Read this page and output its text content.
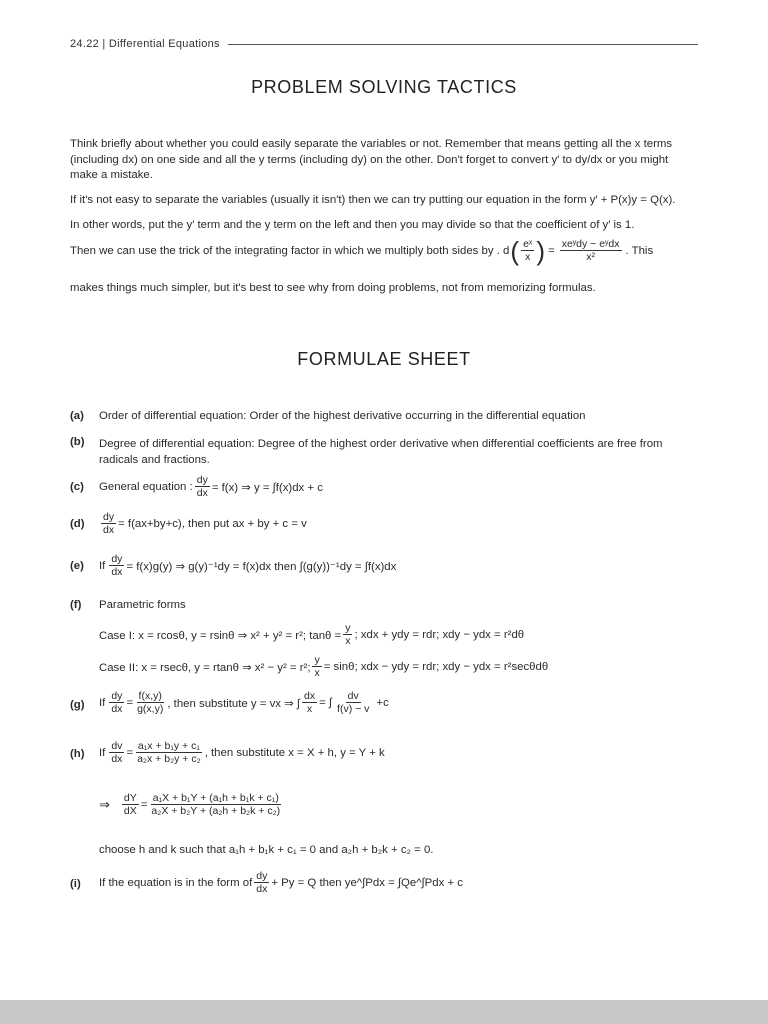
24.22 | Differential Equations
PROBLEM SOLVING TACTICS
Think briefly about whether you could easily separate the variables or not. Remember that means getting all the x terms (including dx) on one side and all the y terms (including dy) on the other. Don't forget to convert y′ to dy/dx or you might make a mistake.
If it's not easy to separate the variables (usually it isn't) then we can try putting our equation in the form y′ + P(x)y = Q(x).
In other words, put the y′ term and the y term on the left and then you may divide so that the coefficient of y′ is 1.
Then we can use the trick of the integrating factor in which we multiply both sides by . d ( $\frac{\text{eˣ}}{x}$ ) = $\frac{\text{xeʸdy − eʸdx}}{\text{x²}}$ . This
makes things much simpler, but it's best to see why from doing problems, not from memorizing formulas.
FORMULAE SHEET
(a)	Order of differential equation: Order of the highest derivative occurring in the differential equation
(b)	Degree of differential equation: Degree of the highest order derivative when differential coefficients are free from radicals and fractions.
(c)	General equation : $\frac{dy}{dx} = f(x)$ ⇒ y = ∫f(x)dx + c
(d)	$\frac{dy}{dx} = f(ax+by+c)$, then put ax + by + c = v
(e)	If $\frac{dy}{dx} = f(x)g(y)$ ⇒ g(y)⁻¹dy = f(x)dx then ∫(g(y))⁻¹dy = ∫f(x)dx
(f)	Parametric forms
Case I: x = rcosθ, y = rsinθ ⇒ x² + y² = r²; $\tan\theta = \frac{y}{x}$ ; xdx + ydy = rdr; xdy − ydx = r²dθ
Case II: x = rsecθ, y = rtanθ ⇒ x² − y² = r²; $\frac{y}{x} = \sin\theta$; xdx − ydy = rdr; xdy − ydx = r²secθdθ
(g)	If $\frac{dy}{dx} = \frac{f(x,y)}{g(x,y)}$ , then substitute y = vx ⇒ ∫ $\frac{dx}{x}$ = ∫ $\frac{dv}{f(v) - v} +c$
(h)	If $\frac{dv}{dx} = \frac{\text{a₁x + b₁y + c₁}}{\text{a₂x + b₂y + c₂}}$ , then substitute x = X + h, y = Y + k
⇒ $\frac{dY}{dX} = \frac{\text{a₁X + b₁Y + (a₁h + b₁k + c₁)}}{\text{a₂X + b₂Y + (a₂h + b₂k + c₂)}}$
choose h and k such that a₁h + b₁k + c₁ = 0 and a₂h + b₂k + c₂ = 0.
(i)	If the equation is in the form of $\frac{dy}{dx} + Py = Q$ then ye^∫Pdx = ∫Qe^∫Pdx + c
